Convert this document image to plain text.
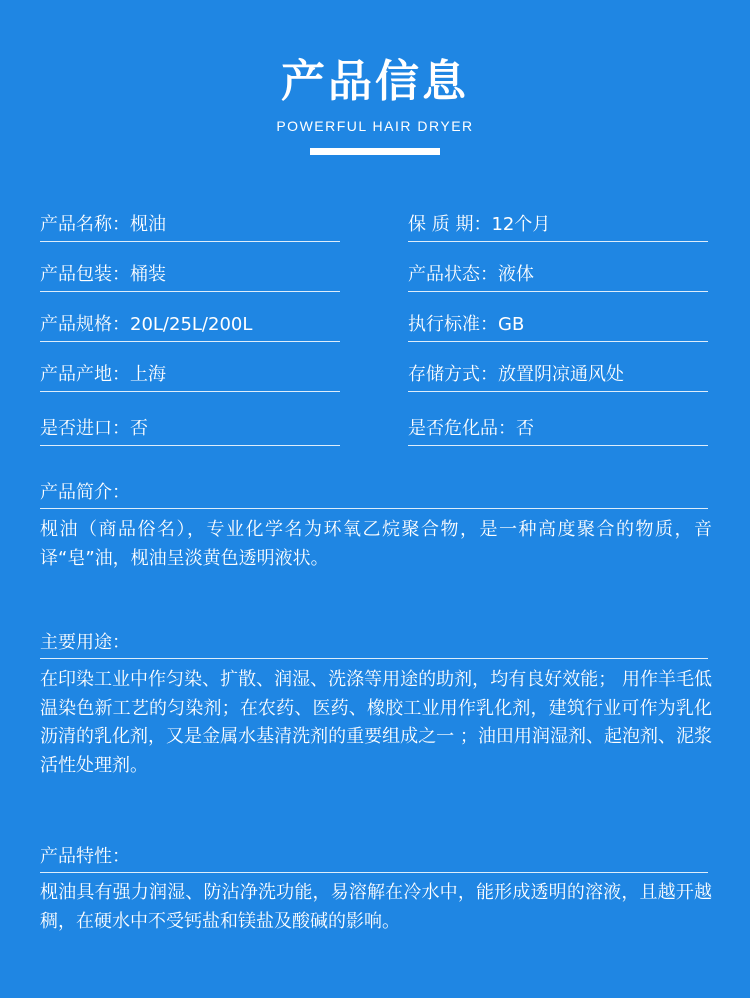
产品信息
POWERFUL HAIR DRYER
产品名称：枧油	保 质 期：12个月
产品包装：桶装	产品状态：液体
产品规格：20L/25L/200L	执行标准：GB
产品产地：上海	存储方式：放置阴凉通风处
是否进口：否	是否危化品：否
产品简介：
枧油（商品俗名），专业化学名为环氧乙烷聚合物，是一种高度聚合的物质，音译“皂”油，枧油呈淡黄色透明液状。
主要用途：
在印染工业中作匀染、扩散、润湿、洗涤等用途的助剂，均有良好效能； 用作羊毛低温染色新工艺的匀染剂；在农药、医药、橡胶工业用作乳化剂，建筑行业可作为乳化沥清的乳化剂，又是金属水基清洗剂的重要组成之一 ；油田用润湿剂、起泡剂、泥浆活性处理剂。
产品特性：
枧油具有强力润湿、防沾净洗功能，易溶解在冷水中，能形成透明的溶液，且越开越稠，在硬水中不受钙盐和镁盐及酸碱的影响。
